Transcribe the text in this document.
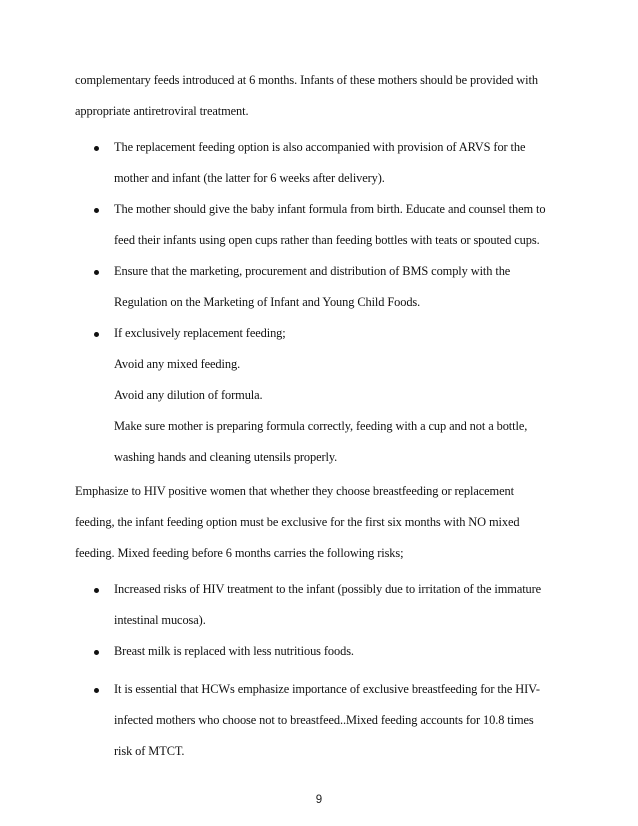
complementary feeds introduced at 6 months. Infants of these mothers should be provided with
appropriate antiretroviral treatment.
The replacement feeding option is also accompanied with provision of ARVS for the
mother and infant (the latter for 6 weeks after delivery).
The mother should give the baby infant formula from birth. Educate and counsel them to
feed their infants using open cups rather than feeding bottles with teats or spouted cups.
Ensure that the marketing, procurement and distribution of BMS comply with the
Regulation on the Marketing of Infant and Young Child Foods.
If exclusively replacement feeding;
Avoid any mixed feeding.
Avoid any dilution of formula.
Make sure mother is preparing formula correctly, feeding with a cup and not a bottle,
washing hands and cleaning utensils properly.
Emphasize to HIV positive women that whether they choose breastfeeding or replacement
feeding, the infant feeding option must be exclusive for the first six months with NO mixed
feeding. Mixed feeding before 6 months carries the following risks;
Increased risks of HIV treatment to the infant (possibly due to irritation of the immature
intestinal mucosa).
Breast milk is replaced with less nutritious foods.
It is essential that HCWs emphasize importance of exclusive breastfeeding for the HIV-
infected mothers who choose not to breastfeed..Mixed feeding accounts for 10.8 times
risk of MTCT.
9
